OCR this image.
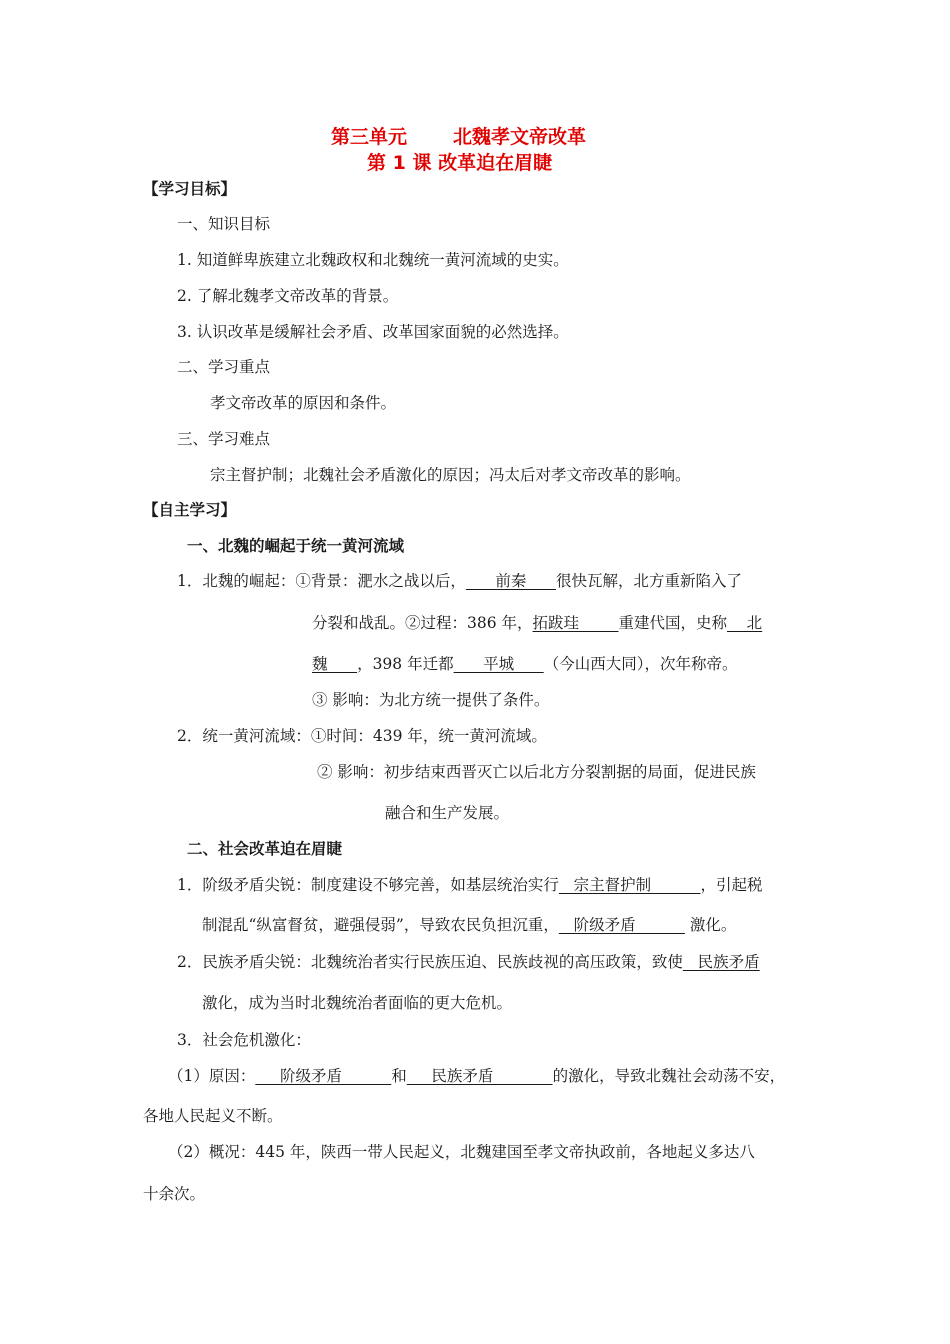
第三单元 北魏孝文帝改革
第 1 课 改革迫在眉睫
【学习目标】
一、知识目标
1. 知道鲜卑族建立北魏政权和北魏统一黄河流域的史实。
2. 了解北魏孝文帝改革的背景。
3. 认识改革是缓解社会矛盾、改革国家面貌的必然选择。
二、学习重点
孝文帝改革的原因和条件。
三、学习难点
宗主督护制；北魏社会矛盾激化的原因；冯太后对孝文帝改革的影响。
【自主学习】
一、北魏的崛起于统一黄河流域
1．北魏的崛起：①背景：淝水之战以后，      前秦      很快瓦解，北方重新陷入了
分裂和战乱。②过程：386 年，拓跋珪        重建代国，史称    北
魏      ，398 年迁都      平城      （今山西大同），次年称帝。
③ 影响：为北方统一提供了条件。
2．统一黄河流域：①时间：439 年，统一黄河流域。
② 影响：初步结束西晋灭亡以后北方分裂割据的局面，促进民族
融合和生产发展。
二、社会改革迫在眉睫
1．阶级矛盾尖锐：制度建设不够完善，如基层统治实行   宗主督护制          ，引起税
制混乱“纵富督贫，避强侵弱”，导致农民负担沉重，   阶级矛盾           激化。
2．民族矛盾尖锐：北魏统治者实行民族压迫、民族歧视的高压政策，致使   民族矛盾
激化，成为当时北魏统治者面临的更大危机。
3．社会危机激化：
（1）原因：     阶级矛盾          和     民族矛盾            的激化，导致北魏社会动荡不安，
各地人民起义不断。
（2）概况：445 年，陕西一带人民起义，北魏建国至孝文帝执政前，各地起义多达八
十余次。
